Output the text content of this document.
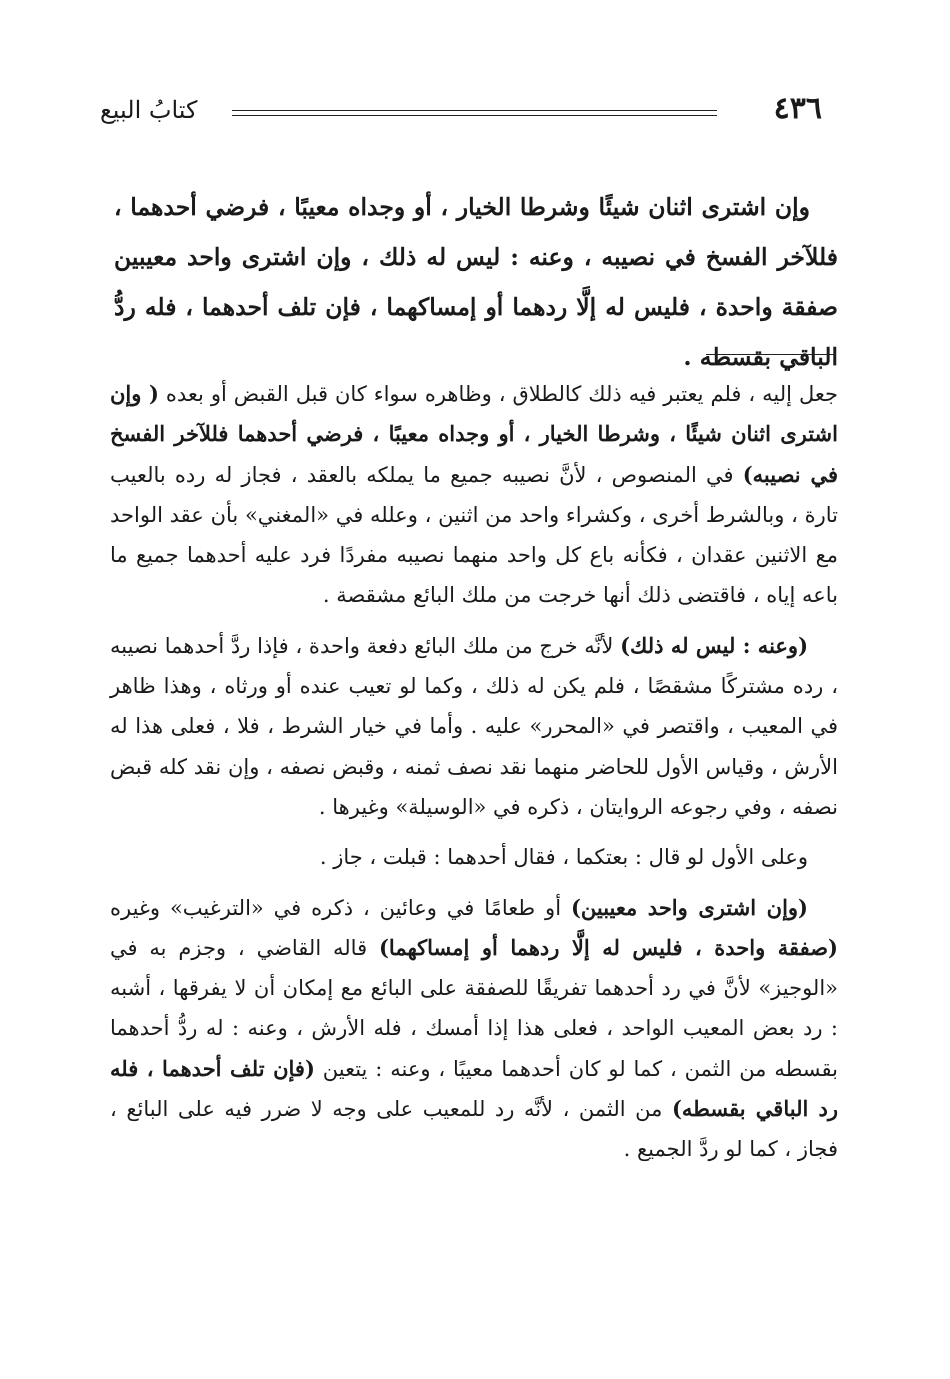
٤٣٦
كتابُ البيع

وإن اشترى اثنان شيئًا وشرطا الخيار ، أو وجداه معيبًا ، فرضي أحدهما ، فللآخر الفسخ في نصيبه ، وعنه : ليس له ذلك ، وإن اشترى واحد معيبين صفقة واحدة ، فليس له إلَّا ردهما أو إمساكهما ، فإن تلف أحدهما ، فله ردُّ الباقي بقسطه .

جعل إليه ، فلم يعتبر فيه ذلك كالطلاق ، وظاهره سواء كان قبل القبض أو بعده ( وإن اشترى اثنان شيئًا ، وشرطا الخيار ، أو وجداه معيبًا ، فرضي أحدهما فللآخر الفسخ في نصيبه) في المنصوص ، لأنَّ نصيبه جميع ما يملكه بالعقد ، فجاز له رده بالعيب تارة ، وبالشرط أخرى ، وكشراء واحد من اثنين ، وعلله في «المغني» بأن عقد الواحد مع الاثنين عقدان ، فكأنه باع كل واحد منهما نصيبه مفردًا فرد عليه أحدهما جميع ما باعه إياه ، فاقتضى ذلك أنها خرجت من ملك البائع مشقصة .

(وعنه : ليس له ذلك) لأنَّه خرج من ملك البائع دفعة واحدة ، فإذا ردَّ أحدهما نصيبه ، رده مشتركًا مشقصًا ، فلم يكن له ذلك ، وكما لو تعيب عنده أو ورثاه ، وهذا ظاهر في المعيب ، واقتصر في «المحرر» عليه . وأما في خيار الشرط ، فلا ، فعلى هذا له الأرش ، وقياس الأول للحاضر منهما نقد نصف ثمنه ، وقبض نصفه ، وإن نقد كله قبض نصفه ، وفي رجوعه الروايتان ، ذكره في «الوسيلة» وغيرها .

وعلى الأول لو قال : بعتكما ، فقال أحدهما : قبلت ، جاز .

(وإن اشترى واحد معيبين) أو طعامًا في وعائين ، ذكره في «الترغيب» وغيره (صفقة واحدة ، فليس له إلَّا ردهما أو إمساكهما) قاله القاضي ، وجزم به في «الوجيز» لأنَّ في رد أحدهما تفريقًا للصفقة على البائع مع إمكان أن لا يفرقها ، أشبه : رد بعض المعيب الواحد ، فعلى هذا إذا أمسك ، فله الأرش ، وعنه : له ردُّ أحدهما بقسطه من الثمن ، كما لو كان أحدهما معيبًا ، وعنه : يتعين (فإن تلف أحدهما ، فله رد الباقي بقسطه) من الثمن ، لأنَّه رد للمعيب على وجه لا ضرر فيه على البائع ، فجاز ، كما لو ردَّ الجميع .
